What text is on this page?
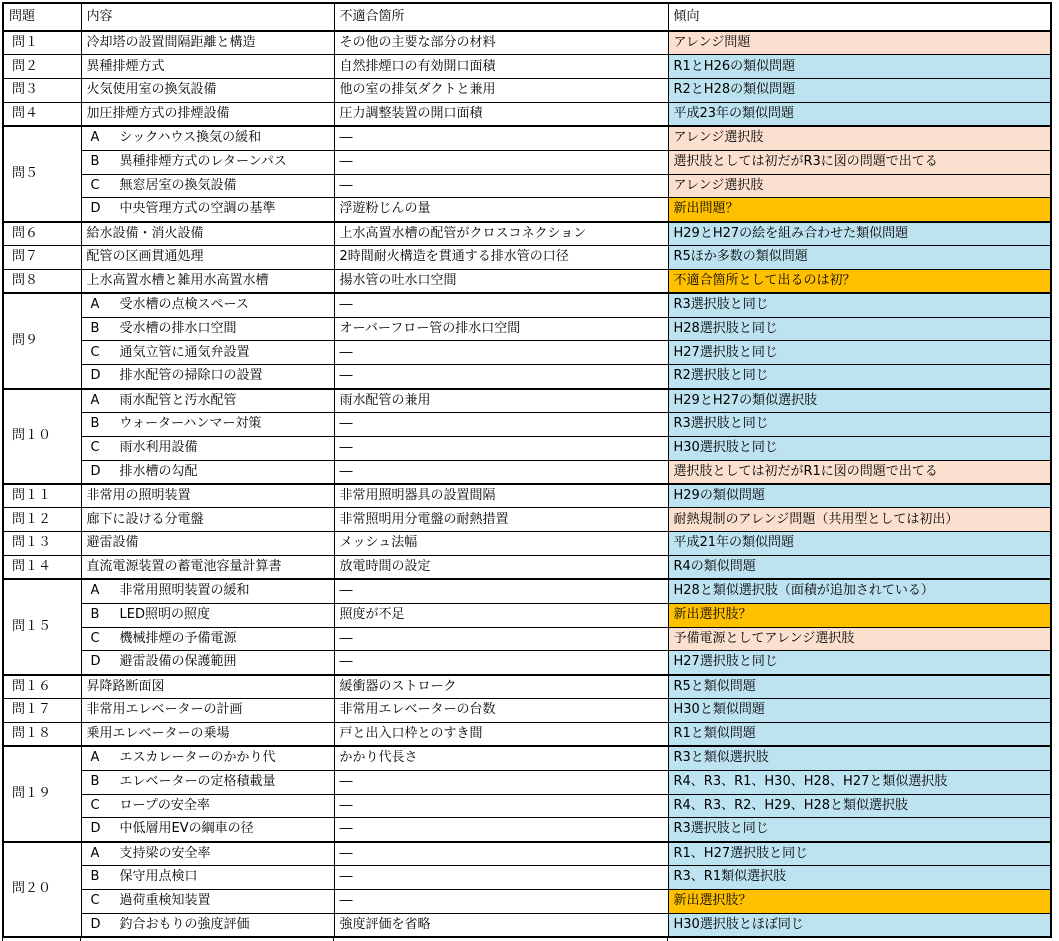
問題	内容	不適合箇所	傾向
問１	冷却塔の設置間隔距離と構造	その他の主要な部分の材料	アレンジ問題
問２	異種排煙方式	自然排煙口の有効開口面積	R1とH26の類似問題
問３	火気使用室の換気設備	他の室の排気ダクトと兼用	R2とH28の類似問題
問４	加圧排煙方式の排煙設備	圧力調整装置の開口面積	平成23年の類似問題
問５	A シックハウス換気の緩和	―	アレンジ選択肢
	B 異種排煙方式のレターンパス	―	選択肢としては初だがR3に図の問題で出てる
	C 無窓居室の換気設備	―	アレンジ選択肢
	D 中央管理方式の空調の基準	浮遊粉じんの量	新出問題？
問６	給水設備・消火設備	上水高置水槽の配管がクロスコネクション	H29とH27の絵を組み合わせた類似問題
問７	配管の区画貫通処理	2時間耐火構造を貫通する排水管の口径	R5ほか多数の類似問題
問８	上水高置水槽と雑用水高置水槽	揚水管の吐水口空間	不適合箇所として出るのは初？
問９	A 受水槽の点検スペース	―	R3選択肢と同じ
	B 受水槽の排水口空間	オーバーフロー管の排水口空間	H28選択肢と同じ
	C 通気立管に通気弁設置	―	H27選択肢と同じ
	D 排水配管の掃除口の設置	―	R2選択肢と同じ
問１０	A 雨水配管と汚水配管	雨水配管の兼用	H29とH27の類似選択肢
	B ウォーターハンマー対策	―	R3選択肢と同じ
	C 雨水利用設備	―	H30選択肢と同じ
	D 排水槽の勾配	―	選択肢としては初だがR1に図の問題で出てる
問１１	非常用の照明装置	非常用照明器具の設置間隔	H29の類似問題
問１２	廊下に設ける分電盤	非常照明用分電盤の耐熱措置	耐熱規制のアレンジ問題（共用型としては初出）
問１３	避雷設備	メッシュ法幅	平成21年の類似問題
問１４	直流電源装置の蓄電池容量計算書	放電時間の設定	R4の類似問題
問１５	A 非常用照明装置の緩和	―	H28と類似選択肢（面積が追加されている）
	B LED照明の照度	照度が不足	新出選択肢？
	C 機械排煙の予備電源	―	予備電源としてアレンジ選択肢
	D 避雷設備の保護範囲	―	H27選択肢と同じ
問１６	昇降路断面図	緩衝器のストローク	R5と類似問題
問１７	非常用エレベーターの計画	非常用エレベーターの台数	H30と類似問題
問１８	乗用エレベーターの乗場	戸と出入口枠とのすき間	R1と類似問題
問１９	A エスカレーターのかかり代	かかり代長さ	R3と類似選択肢
	B エレベーターの定格積載量	―	R4、R3、R1、H30、H28、H27と類似選択肢
	C ロープの安全率	―	R4、R3、R2、H29、H28と類似選択肢
	D 中低層用EVの綱車の径	―	R3選択肢と同じ
問２０	A 支持梁の安全率	―	R1、H27選択肢と同じ
	B 保守用点検口	―	R3、R1類似選択肢
	C 過荷重検知装置	―	新出選択肢？
	D 釣合おもりの強度評価	強度評価を省略	H30選択肢とほぼ同じ
